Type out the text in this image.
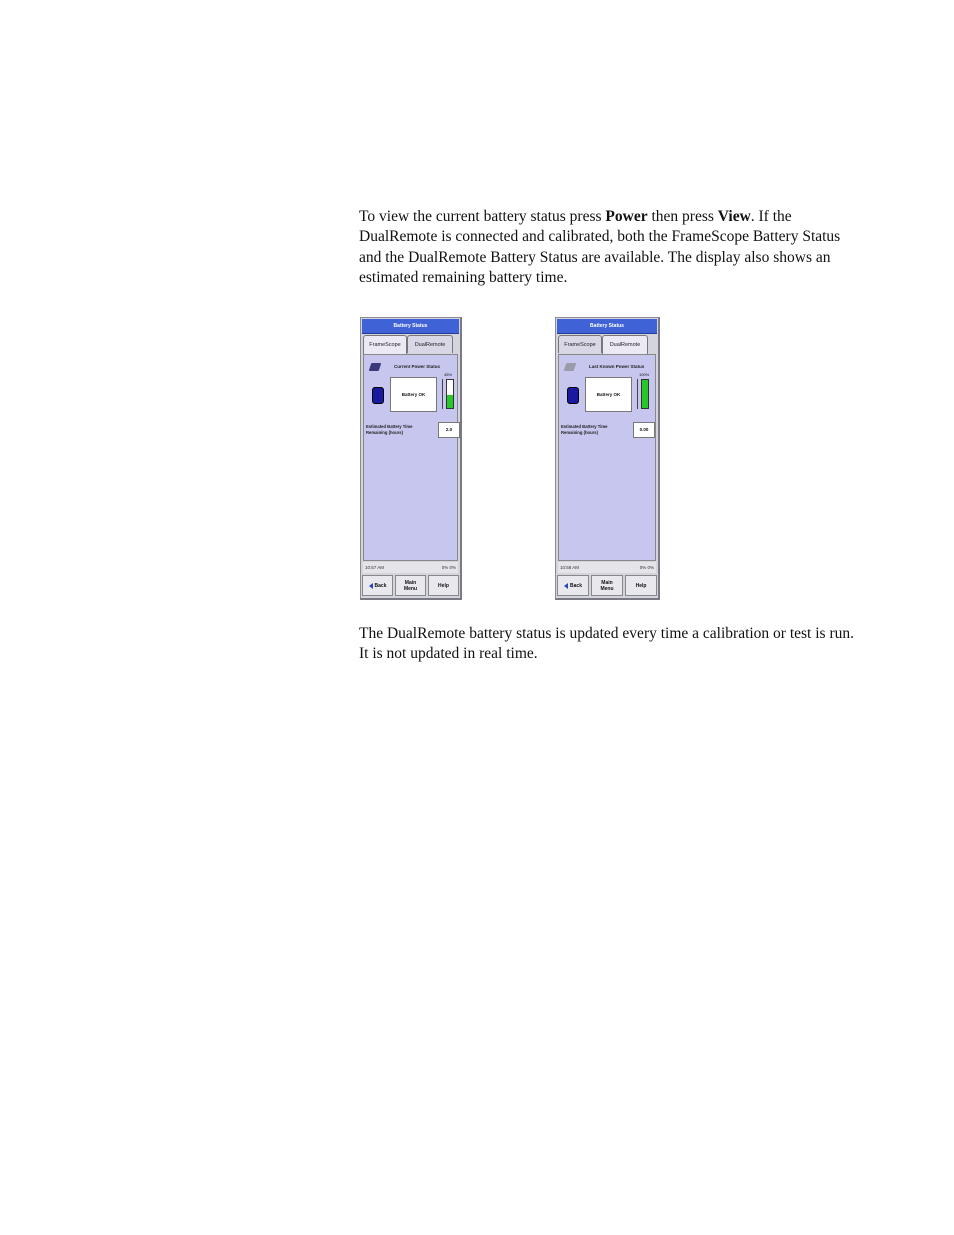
To view the current battery status press Power then press View. If the DualRemote is connected and calibrated, both the FrameScope Battery Status and the DualRemote Battery Status are available. The display also shows an estimated remaining battery time.

Battery Status
FrameScope	DualRemote
Current Power Status
Battery OK
45%
Estimated Battery Time Remaining (hours)	2.0
10:57 AM	0% 0%
Back	Main
Menu	Help
Battery Status
FrameScope	DualRemote
Last Known Power Status
Battery OK
100%
Estimated Battery Time Remaining (hours)	0.00
10:58 AM	0% 0%
Back	Main
Menu	Help

The DualRemote battery status is updated every time a calibration or test is run. It is not updated in real time.
